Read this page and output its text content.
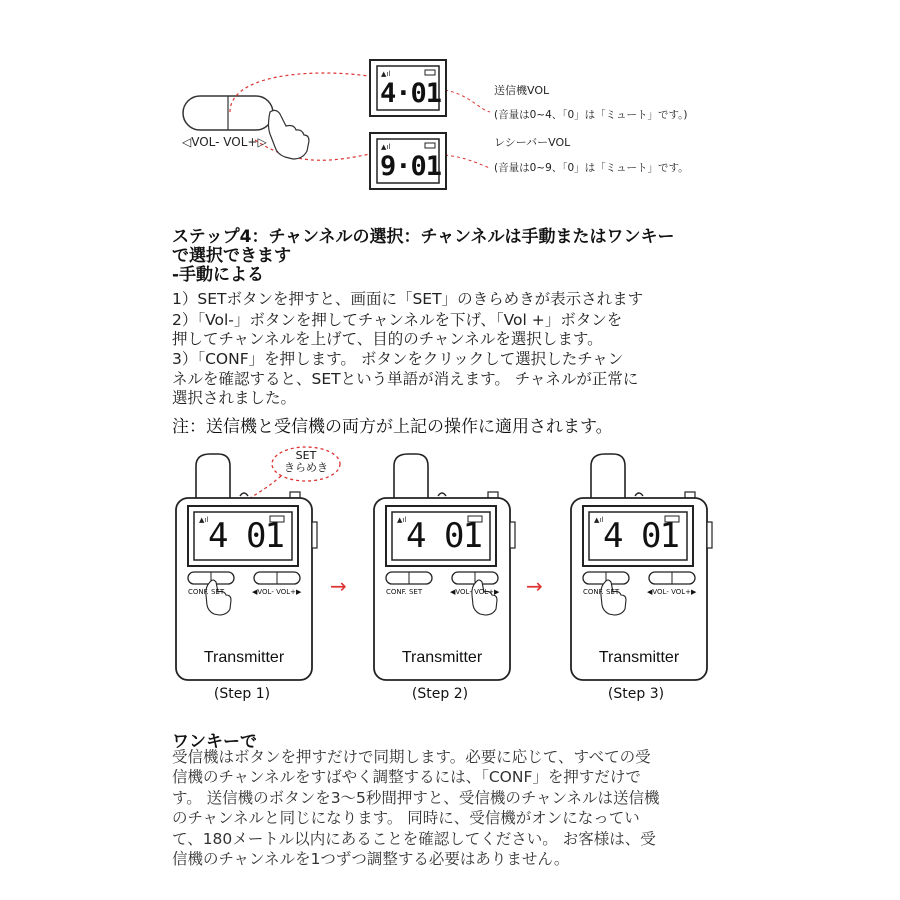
▲ıl
▲ıl
4·01
9·01
◁VOL- VOL+▷
送信機VOL
(音量は0~4、「0」は「ミュート」です。)
レシーバーVOL
(音量は0~9、「0」は「ミュート」です。
ステップ4：チャンネルの選択：チャンネルは手動またはワンキー
で選択できます
-手動による
1）SETボタンを押すと、画面に「SET」のきらめきが表示されます
2）「Vol-」ボタンを押してチャンネルを下げ、「Vol +」ボタンを
押してチャンネルを上げて、目的のチャンネルを選択します。
3）「CONF」を押します。 ボタンをクリックして選択したチャン
ネルを確認すると、SETという単語が消えます。 チャネルが正常に
選択されました。
注：送信機と受信機の両方が上記の操作に適用されます。
SET
きらめき
▲ıl 4 01
CONF. SET	◀VOL- VOL+▶
Transmitter
▲ıl 4 01
CONF. SET	◀VOL- VOL+▶
Transmitter
▲ıl 4 01
CONF. SET	◀VOL- VOL+▶
Transmitter
→	→
(Step 1)	(Step 2)	(Step 3)
ワンキーで
受信機はボタンを押すだけで同期します。必要に応じて、すべての受
信機のチャンネルをすばやく調整するには、「CONF」を押すだけで
す。 送信機のボタンを3～5秒間押すと、受信機のチャンネルは送信機
のチャンネルと同じになります。 同時に、受信機がオンになってい
て、180メートル以内にあることを確認してください。 お客様は、受
信機のチャンネルを1つずつ調整する必要はありません。
